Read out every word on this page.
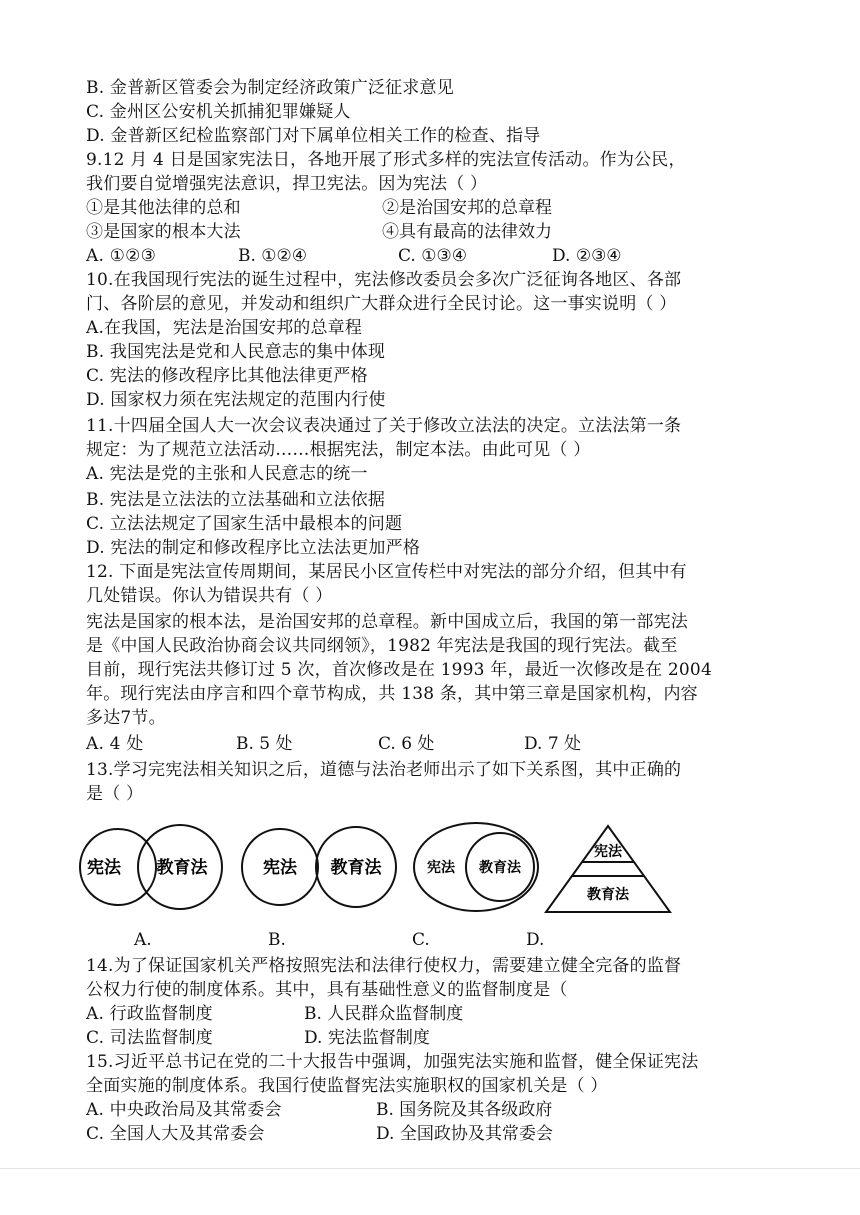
B. 金普新区管委会为制定经济政策广泛征求意见
C. 金州区公安机关抓捕犯罪嫌疑人
D. 金普新区纪检监察部门对下属单位相关工作的检查、指导
9.12 月 4 日是国家宪法日，各地开展了形式多样的宪法宣传活动。作为公民，
我们要自觉增强宪法意识，捍卫宪法。因为宪法（ ）
①是其他法律的总和	②是治国安邦的总章程
③是国家的根本大法	④具有最高的法律效力
A. ①②③	B. ①②④	C. ①③④	D. ②③④
10.在我国现行宪法的诞生过程中，宪法修改委员会多次广泛征询各地区、各部
门、各阶层的意见，并发动和组织广大群众进行全民讨论。这一事实说明（ ）
A.在我国，宪法是治国安邦的总章程
B. 我国宪法是党和人民意志的集中体现
C. 宪法的修改程序比其他法律更严格
D. 国家权力须在宪法规定的范围内行使
11.十四届全国人大一次会议表决通过了关于修改立法法的决定。立法法第一条
规定：为了规范立法活动……根据宪法，制定本法。由此可见（ ）
A. 宪法是党的主张和人民意志的统一
B. 宪法是立法法的立法基础和立法依据
C. 立法法规定了国家生活中最根本的问题
D. 宪法的制定和修改程序比立法法更加严格
12. 下面是宪法宣传周期间，某居民小区宣传栏中对宪法的部分介绍，但其中有
几处错误。你认为错误共有（ ）
宪法是国家的根本法，是治国安邦的总章程。新中国成立后，我国的第一部宪法
是《中国人民政治协商会议共同纲领》，1982 年宪法是我国的现行宪法。截至
目前，现行宪法共修订过 5 次，首次修改是在 1993 年，最近一次修改是在 2004
年。现行宪法由序言和四个章节构成，共 138 条，其中第三章是国家机构，内容
多达7节。
A. 4 处	B. 5 处	C. 6 处	D. 7 处
13.学习完宪法相关知识之后，道德与法治老师出示了如下关系图，其中正确的
是（ ）
宪法 教育法	宪法 教育法	宪法 教育法
宪法
教育法
A.	B.	C.	D.
14.为了保证国家机关严格按照宪法和法律行使权力，需要建立健全完备的监督
公权力行使的制度体系。其中，具有基础性意义的监督制度是（
A. 行政监督制度	B. 人民群众监督制度
C. 司法监督制度	D. 宪法监督制度
15.习近平总书记在党的二十大报告中强调，加强宪法实施和监督，健全保证宪法
全面实施的制度体系。我国行使监督宪法实施职权的国家机关是（ ）
A. 中央政治局及其常委会	B. 国务院及其各级政府
C. 全国人大及其常委会	D. 全国政协及其常委会
